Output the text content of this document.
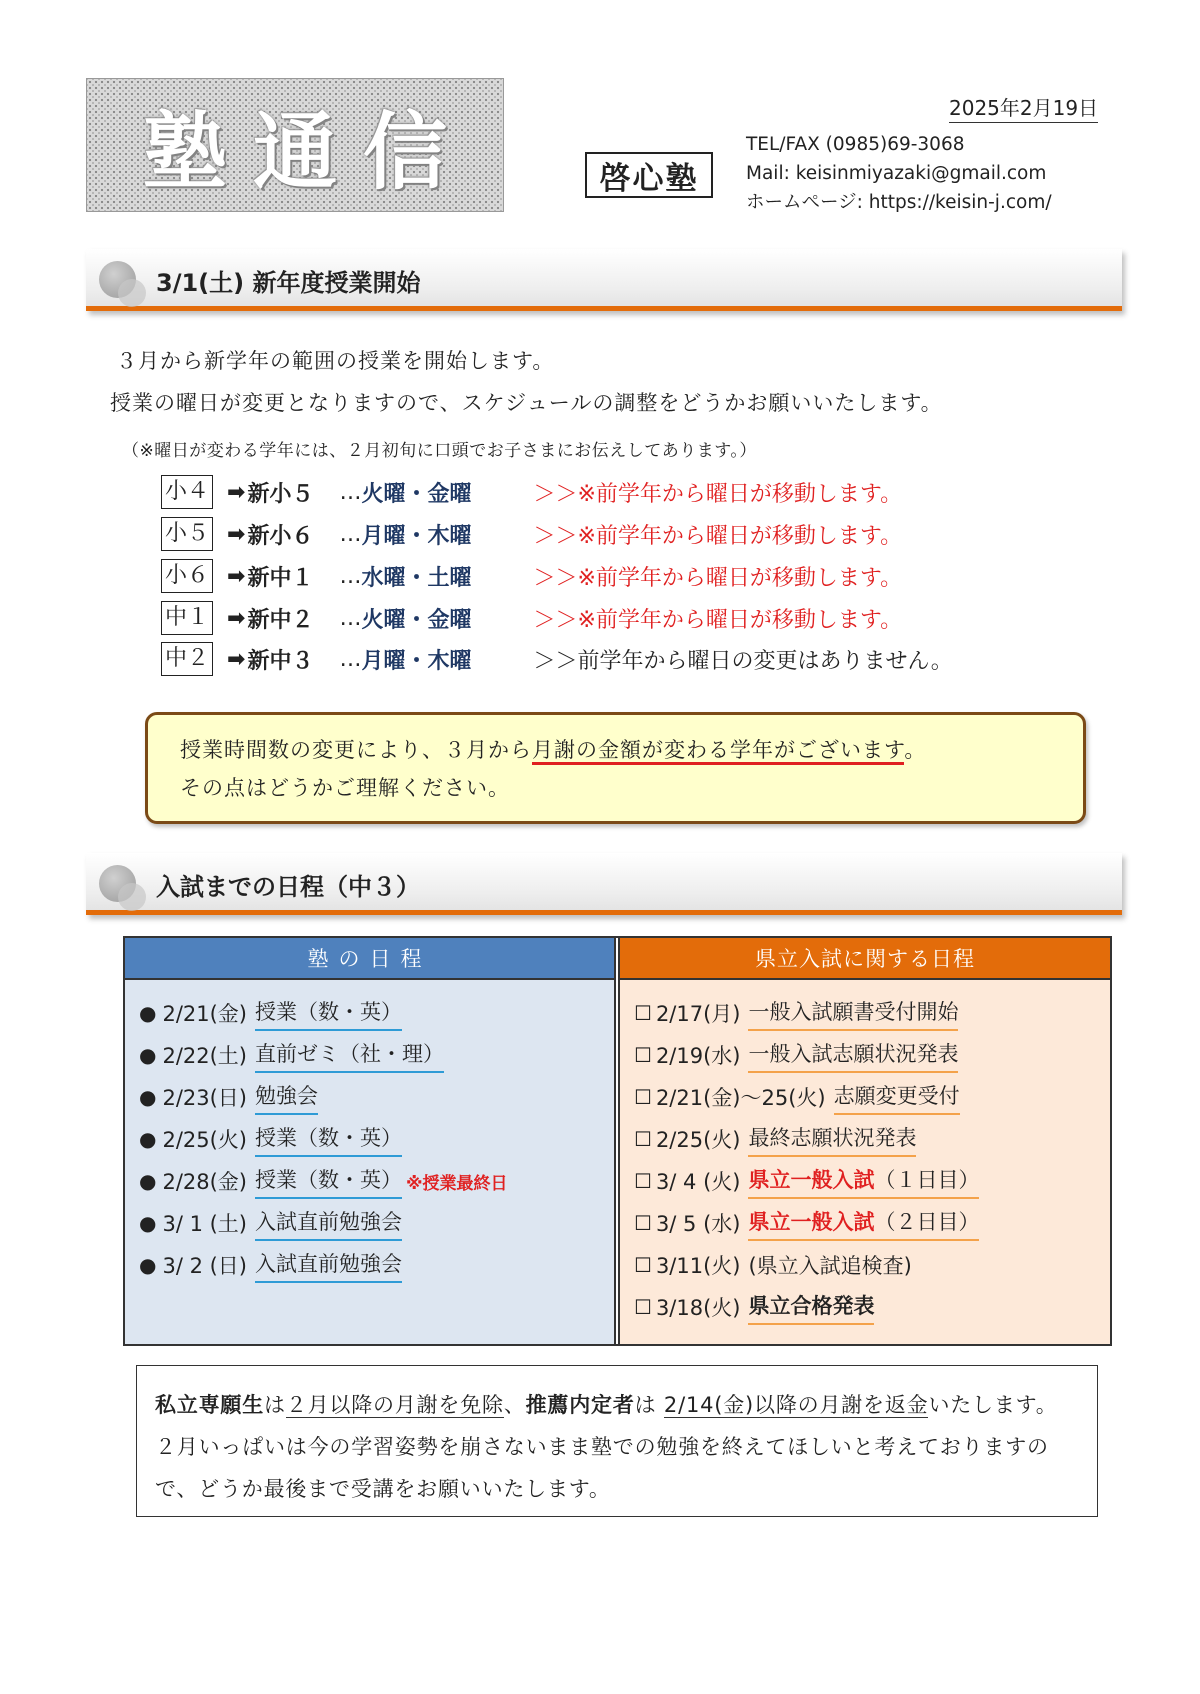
塾通信	啓心塾
2025年2月19日
TEL/FAX (0985)69-3068
Mail: keisinmiyazaki@gmail.com
ホームページ: https://keisin-j.com/
3/1(土) 新年度授業開始
３月から新学年の範囲の授業を開始します。
授業の曜日が変更となりますので、スケジュールの調整をどうかお願いいたします。
（※曜日が変わる学年には、２月初旬に口頭でお子さまにお伝えしてあります。）
小４ ➡ 新小５	… 火曜・金曜	＞＞※前学年から曜日が移動します。
小５ ➡ 新小６	… 月曜・木曜	＞＞※前学年から曜日が移動します。
小６ ➡ 新中１	… 水曜・土曜	＞＞※前学年から曜日が移動します。
中１ ➡ 新中２	… 火曜・金曜	＞＞※前学年から曜日が移動します。
中２ ➡ 新中３	… 月曜・木曜	＞＞前学年から曜日の変更はありません。
授業時間数の変更により、３月から月謝の金額が変わる学年がございます。
その点はどうかご理解ください。
入試までの日程（中３）
塾の日程
● 2/21(金) 授業（数・英）
● 2/22(土) 直前ゼミ（社・理）
● 2/23(日) 勉強会
● 2/25(火) 授業（数・英）
● 2/28(金) 授業（数・英） ※授業最終日
● 3/ 1 (土) 入試直前勉強会
● 3/ 2 (日) 入試直前勉強会
県立入試に関する日程
☐ 2/17(月) 一般入試願書受付開始
☐ 2/19(水) 一般入試志願状況発表
☐ 2/21(金)～25(火) 志願変更受付
☐ 2/25(火) 最終志願状況発表
☐ 3/ 4 (火) 県立一般入試（１日目）
☐ 3/ 5 (水) 県立一般入試（２日目）
☐ 3/11(火) (県立入試追検査)
☐ 3/18(火) 県立合格発表
私立専願生は２月以降の月謝を免除、推薦内定者は 2/14(金)以降の月謝を返金いたします。２月いっぱいは今の学習姿勢を崩さないまま塾での勉強を終えてほしいと考えておりますので、どうか最後まで受講をお願いいたします。
